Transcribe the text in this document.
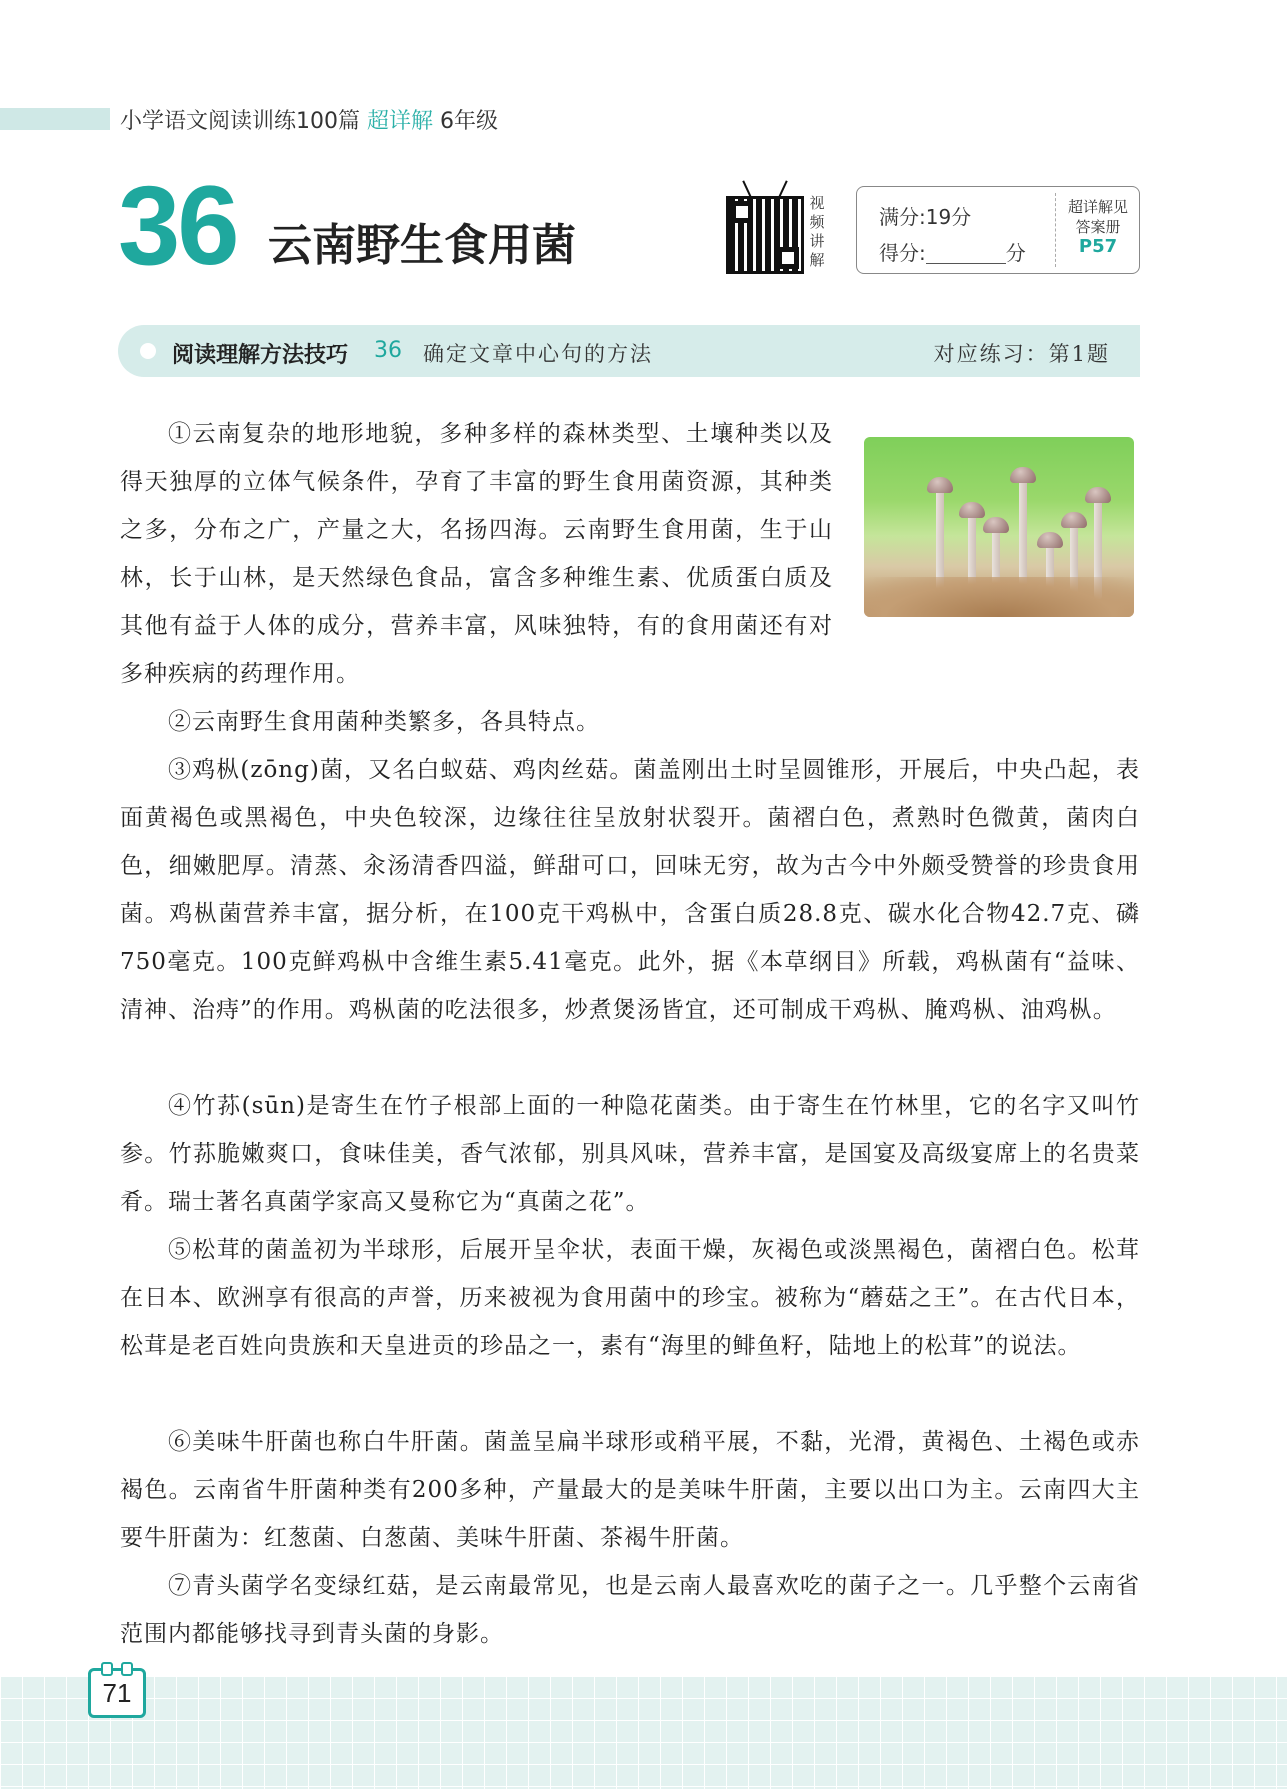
小学语文阅读训练100篇 超详解 6年级
36 云南野生食用菌
视
频
讲
解
满分:19分
得分:	分
超详解见
答案册
P57
阅读理解方法技巧 36 确定文章中心句的方法	对应练习：第1题

①云南复杂的地形地貌，多种多样的森林类型、土壤种类以及得天独厚的立体气候条件，孕育了丰富的野生食用菌资源，其种类之多，分布之广，产量之大，名扬四海。云南野生食用菌，生于山林，长于山林，是天然绿色食品，富含多种维生素、优质蛋白质及其他有益于人体的成分，营养丰富，风味独特，有的食用菌还有对多种疾病的药理作用。

②云南野生食用菌种类繁多，各具特点。

③鸡枞(zōng)菌，又名白蚁菇、鸡肉丝菇。菌盖刚出土时呈圆锥形，开展后，中央凸起，表面黄褐色或黑褐色，中央色较深，边缘往往呈放射状裂开。菌褶白色，煮熟时色微黄，菌肉白色，细嫩肥厚。清蒸、汆汤清香四溢，鲜甜可口，回味无穷，故为古今中外颇受赞誉的珍贵食用菌。鸡枞菌营养丰富，据分析，在100克干鸡枞中，含蛋白质28.8克、碳水化合物42.7克、磷750毫克。100克鲜鸡枞中含维生素5.41毫克。此外，据《本草纲目》所载，鸡枞菌有“益味、清神、治痔”的作用。鸡枞菌的吃法很多，炒煮煲汤皆宜，还可制成干鸡枞、腌鸡枞、油鸡枞。

④竹荪(sūn)是寄生在竹子根部上面的一种隐花菌类。由于寄生在竹林里，它的名字又叫竹参。竹荪脆嫩爽口，食味佳美，香气浓郁，别具风味，营养丰富，是国宴及高级宴席上的名贵菜肴。瑞士著名真菌学家高又曼称它为“真菌之花”。

⑤松茸的菌盖初为半球形，后展开呈伞状，表面干燥，灰褐色或淡黑褐色，菌褶白色。松茸在日本、欧洲享有很高的声誉，历来被视为食用菌中的珍宝。被称为“蘑菇之王”。在古代日本，松茸是老百姓向贵族和天皇进贡的珍品之一，素有“海里的鲱鱼籽，陆地上的松茸”的说法。

⑥美味牛肝菌也称白牛肝菌。菌盖呈扁半球形或稍平展，不黏，光滑，黄褐色、土褐色或赤褐色。云南省牛肝菌种类有200多种，产量最大的是美味牛肝菌，主要以出口为主。云南四大主要牛肝菌为：红葱菌、白葱菌、美味牛肝菌、茶褐牛肝菌。

⑦青头菌学名变绿红菇，是云南最常见，也是云南人最喜欢吃的菌子之一。几乎整个云南省范围内都能够找寻到青头菌的身影。

71
